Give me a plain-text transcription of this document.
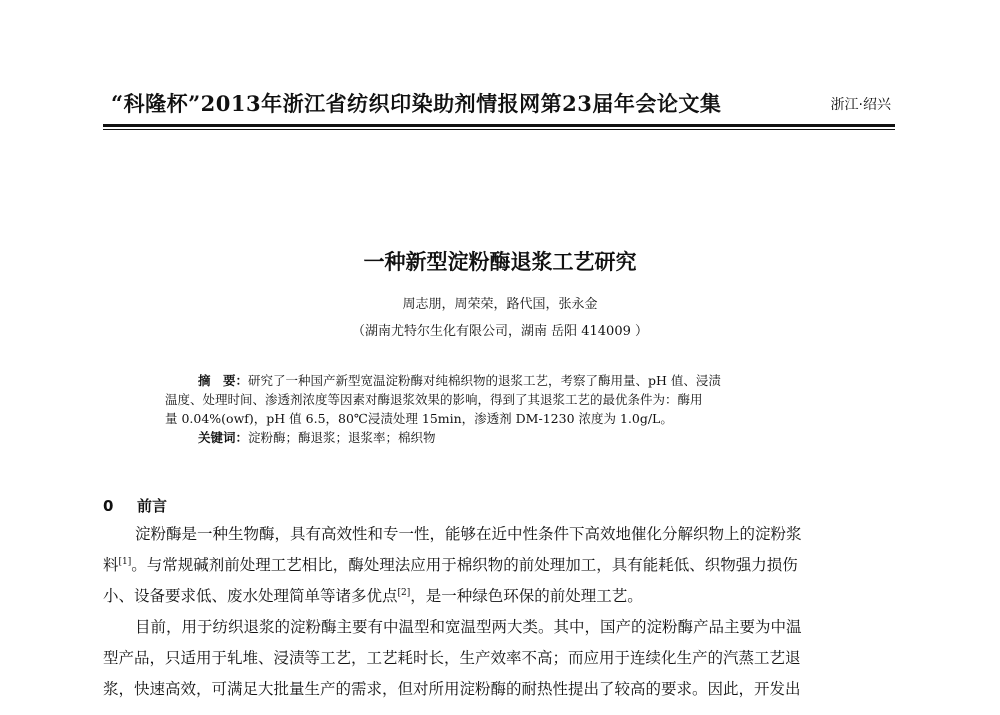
“科隆杯”2013年浙江省纺织印染助剂情报网第23届年会论文集	浙江·绍兴
一种新型淀粉酶退浆工艺研究
周志朋，周荣荣，路代国，张永金
（湖南尤特尔生化有限公司，湖南 岳阳 414009 ）
摘　要：研究了一种国产新型宽温淀粉酶对纯棉织物的退浆工艺，考察了酶用量、pH 值、浸渍
温度、处理时间、渗透剂浓度等因素对酶退浆效果的影响，得到了其退浆工艺的最优条件为：酶用
量 0.04%(owf)，pH 值 6.5，80℃浸渍处理 15min，渗透剂 DM-1230 浓度为 1.0g/L。
关键词：淀粉酶；酶退浆；退浆率；棉织物
0 前言
淀粉酶是一种生物酶，具有高效性和专一性，能够在近中性条件下高效地催化分解织物上的淀粉浆
料[1]。与常规碱剂前处理工艺相比，酶处理法应用于棉织物的前处理加工，具有能耗低、织物强力损伤
小、设备要求低、废水处理简单等诸多优点[2]，是一种绿色环保的前处理工艺。
目前，用于纺织退浆的淀粉酶主要有中温型和宽温型两大类。其中，国产的淀粉酶产品主要为中温
型产品，只适用于轧堆、浸渍等工艺，工艺耗时长，生产效率不高；而应用于连续化生产的汽蒸工艺退
浆，快速高效，可满足大批量生产的需求，但对所用淀粉酶的耐热性提出了较高的要求。因此，开发出
